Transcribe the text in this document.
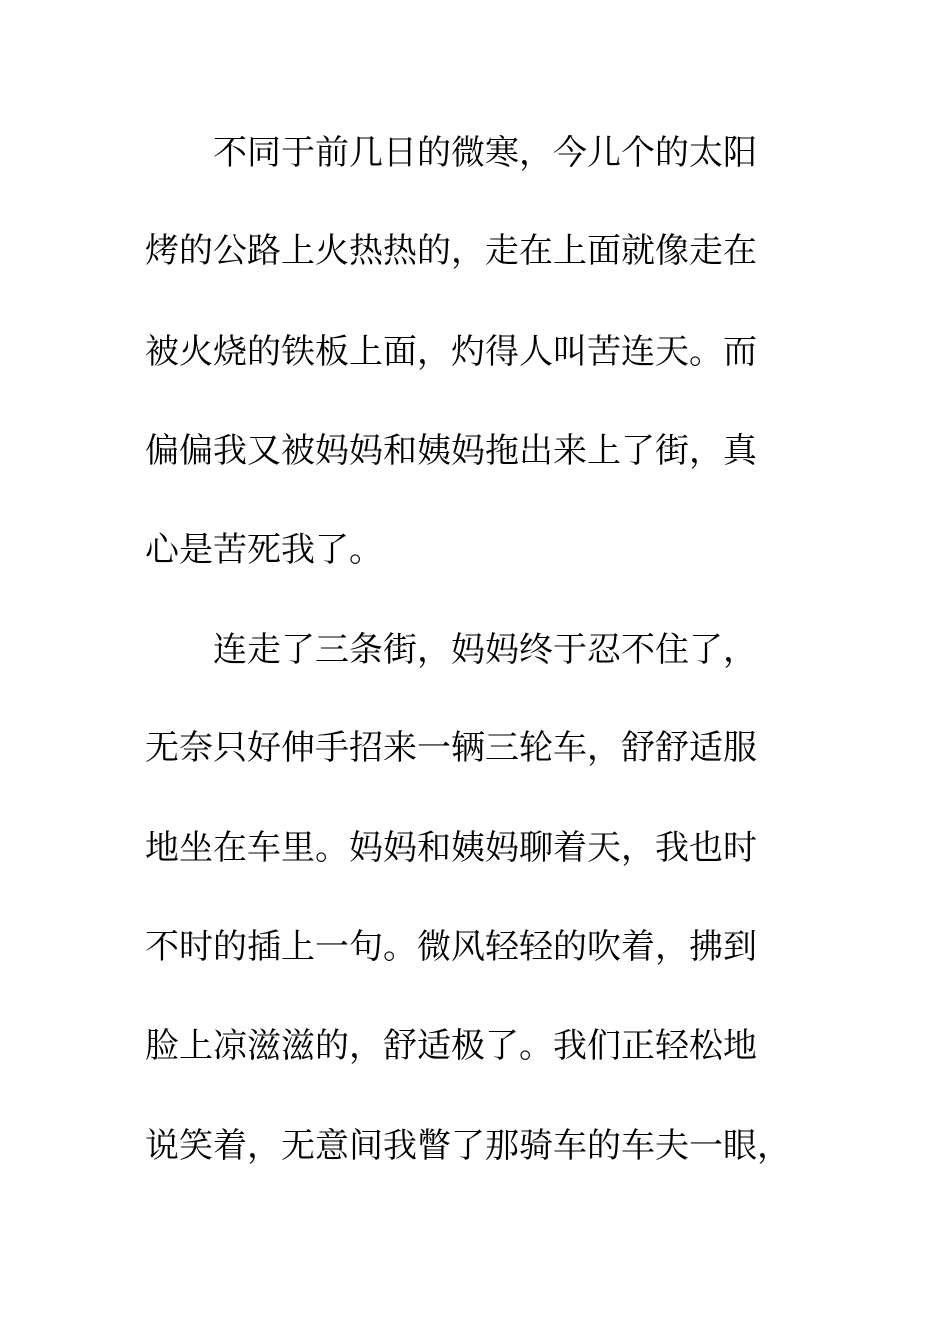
不同于前几日的微寒，今儿个的太阳
烤的公路上火热热的，走在上面就像走在
被火烧的铁板上面，灼得人叫苦连天。而
偏偏我又被妈妈和姨妈拖出来上了街，真
心是苦死我了。
连走了三条街，妈妈终于忍不住了，
无奈只好伸手招来一辆三轮车，舒舒适服
地坐在车里。妈妈和姨妈聊着天，我也时
不时的插上一句。微风轻轻的吹着，拂到
脸上凉滋滋的，舒适极了。我们正轻松地
说笑着，无意间我瞥了那骑车的车夫一眼，
